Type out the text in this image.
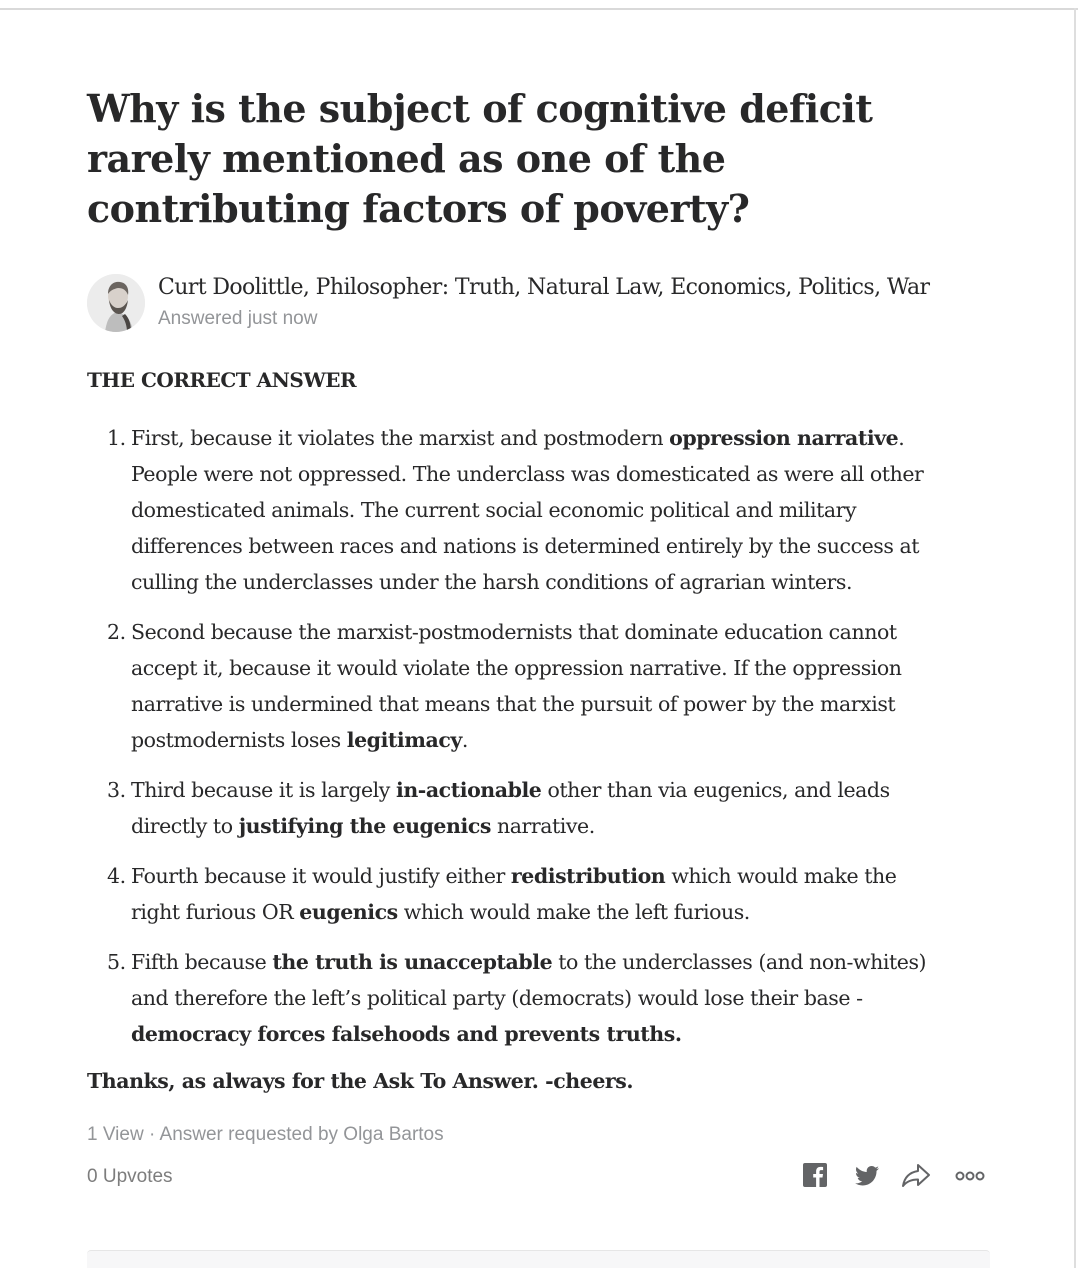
Why is the subject of cognitive deficit rarely mentioned as one of the contributing factors of poverty?
Curt Doolittle, Philosopher: Truth, Natural Law, Economics, Politics, War
Answered just now
THE CORRECT ANSWER
1. First, because it violates the marxist and postmodern oppression narrative. People were not oppressed. The underclass was domesticated as were all other domesticated animals. The current social economic political and military differences between races and nations is determined entirely by the success at culling the underclasses under the harsh conditions of agrarian winters.
2. Second because the marxist-postmodernists that dominate education cannot accept it, because it would violate the oppression narrative. If the oppression narrative is undermined that means that the pursuit of power by the marxist postmodernists loses legitimacy.
3. Third because it is largely in-actionable other than via eugenics, and leads directly to justifying the eugenics narrative.
4. Fourth because it would justify either redistribution which would make the right furious OR eugenics which would make the left furious.
5. Fifth because the truth is unacceptable to the underclasses (and non-whites) and therefore the left’s political party (democrats) would lose their base - democracy forces falsehoods and prevents truths.
Thanks, as always for the Ask To Answer. -cheers.
1 View · Answer requested by Olga Bartos
0 Upvotes
